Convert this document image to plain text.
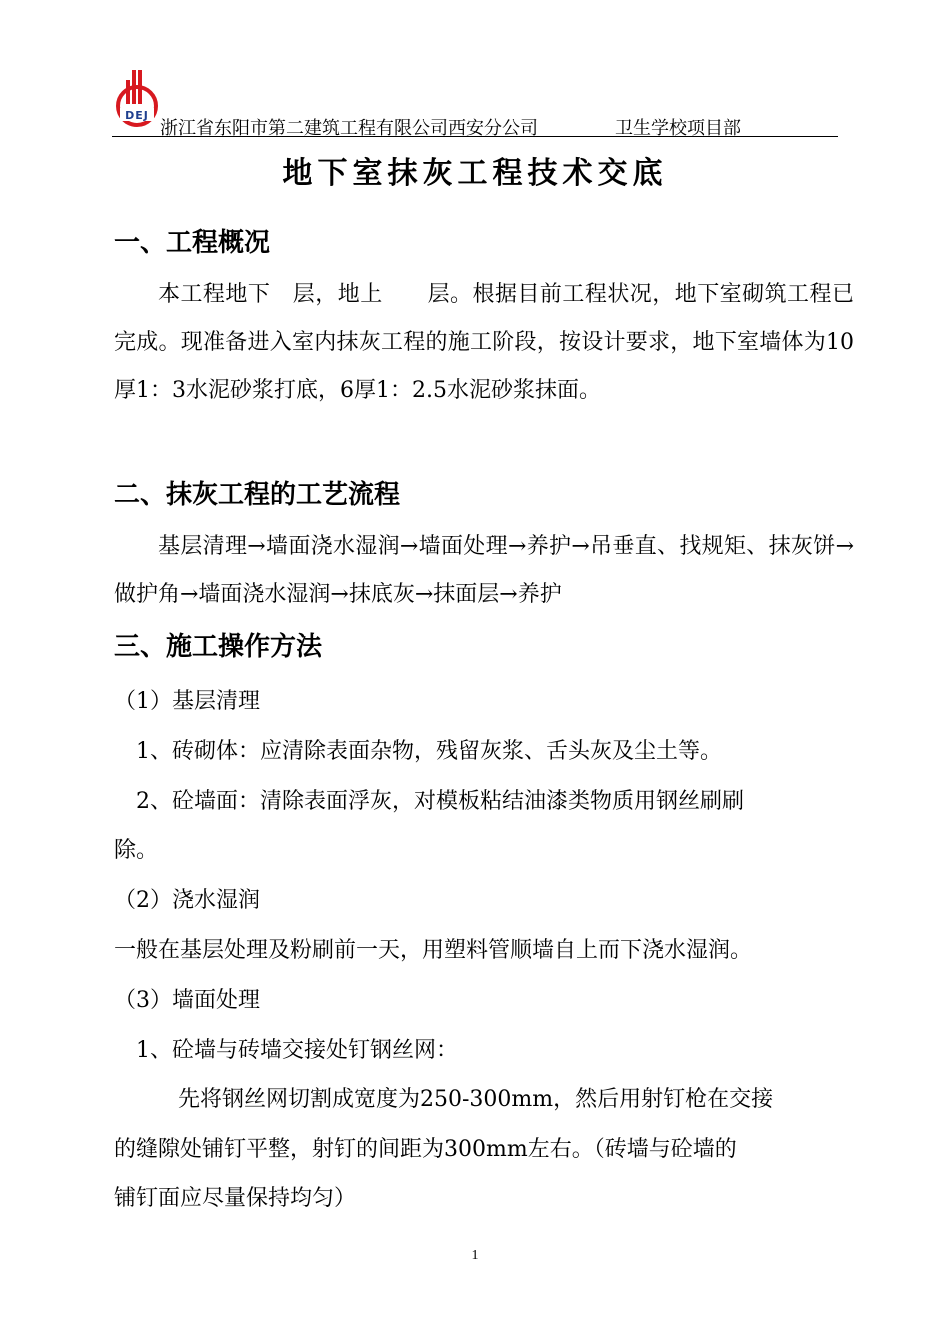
DEJ
浙江省东阳市第二建筑工程有限公司西安分公司	卫生学校项目部
地下室抹灰工程技术交底
一、工程概况
本工程地下　层，地上　　层。根据目前工程状况，地下室砌筑工程已完成。现准备进入室内抹灰工程的施工阶段，按设计要求，地下室墙体为10厚1：3水泥砂浆打底，6厚1：2.5水泥砂浆抹面。
二、抹灰工程的工艺流程
基层清理→墙面浇水湿润→墙面处理→养护→吊垂直、找规矩、抹灰饼→做护角→墙面浇水湿润→抹底灰→抹面层→养护
三、施工操作方法
（1）基层清理
1、砖砌体：应清除表面杂物，残留灰浆、舌头灰及尘土等。
2、砼墙面：清除表面浮灰，对模板粘结油漆类物质用钢丝刷刷
除。
（2）浇水湿润
一般在基层处理及粉刷前一天，用塑料管顺墙自上而下浇水湿润。
（3）墙面处理
1、砼墙与砖墙交接处钉钢丝网：
先将钢丝网切割成宽度为250-300mm，然后用射钉枪在交接
的缝隙处铺钉平整，射钉的间距为300mm左右。（砖墙与砼墙的
铺钉面应尽量保持均匀）
1
